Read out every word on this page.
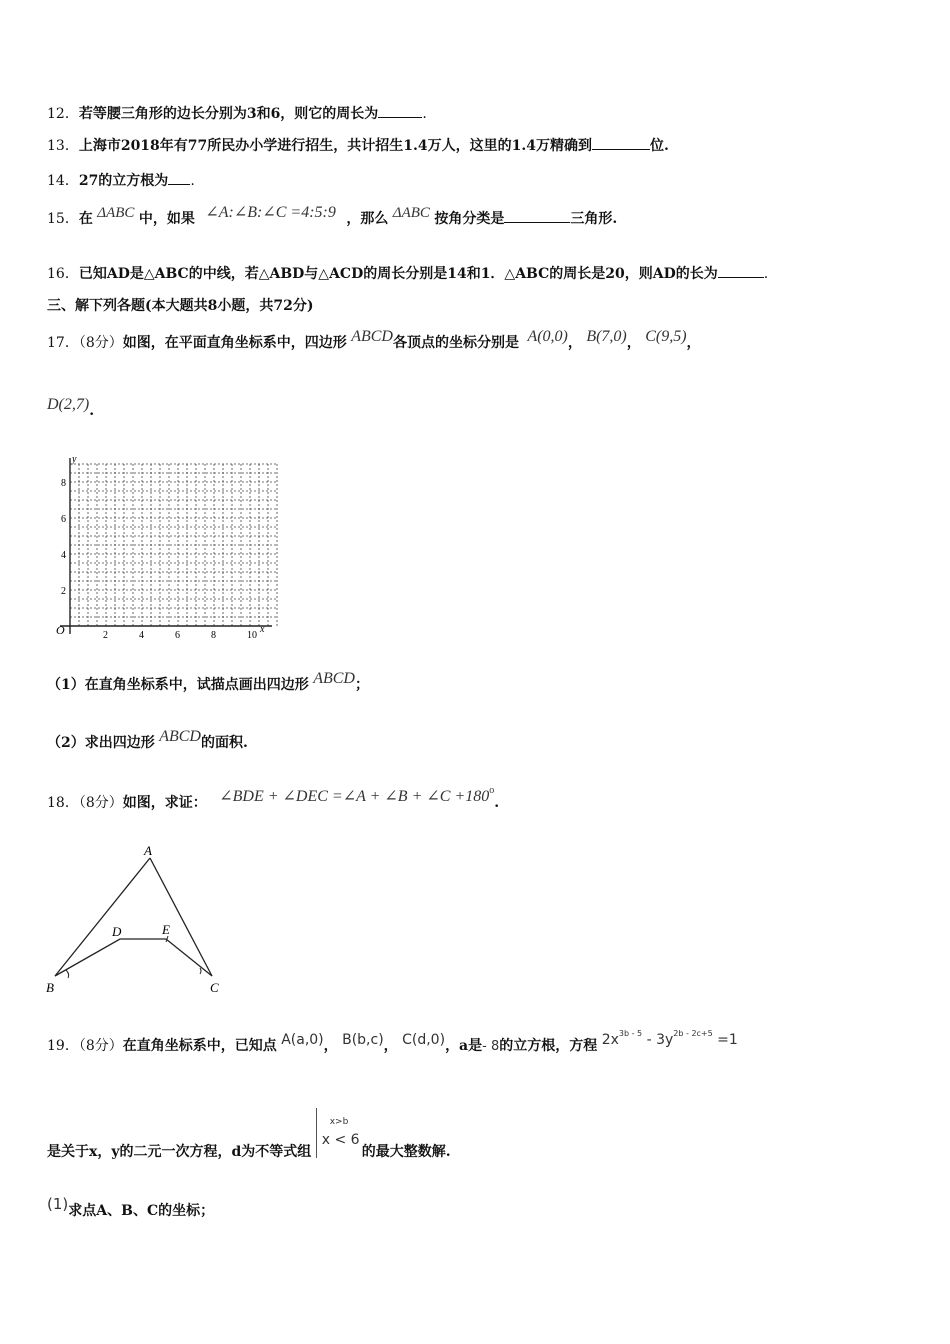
12．若等腰三角形的边长分别为3和6，则它的周长为	.
13．上海市2018年有77所民办小学进行招生，共计招生1.4万人，这里的1.4万精确到	位.
14．27的立方根为 .
15．在 ΔABC 中，如果 ∠A:∠B:∠C =4:5:9 ，那么 ΔABC 按角分类是	三角形.
16．已知AD是△ABC的中线，若△ABD与△ACD的周长分别是14和1．△ABC的周长是20，则AD的长为	.
三、解下列各题(本大题共8小题，共72分)
17．（8分）如图，在平面直角坐标系中，四边形 ABCD各顶点的坐标分别是 A(0,0)， B(7,0)， C(9,5)，
D(2,7).
y
x
O	2	4	6	8	10
2
4
6
8
（1）在直角坐标系中，试描点画出四边形 ABCD；
（2）求出四边形 ABCD的面积.
18．（8分）如图，求证： ∠BDE + ∠DEC =∠A + ∠B + ∠C $+180^o$.
A
B	C
D	E
19．（8分）在直角坐标系中，已知点 A(a,0)， B(b,c)， C(d,0)，a是- 8的立方根，方程 $2x^{3b - 5} - 3y^{2b - 2c+5} =1$
是关于x，y的二元一次方程，d为不等式组
x>b
x < 6
的最大整数解.
(1)求点A、B、C的坐标；
